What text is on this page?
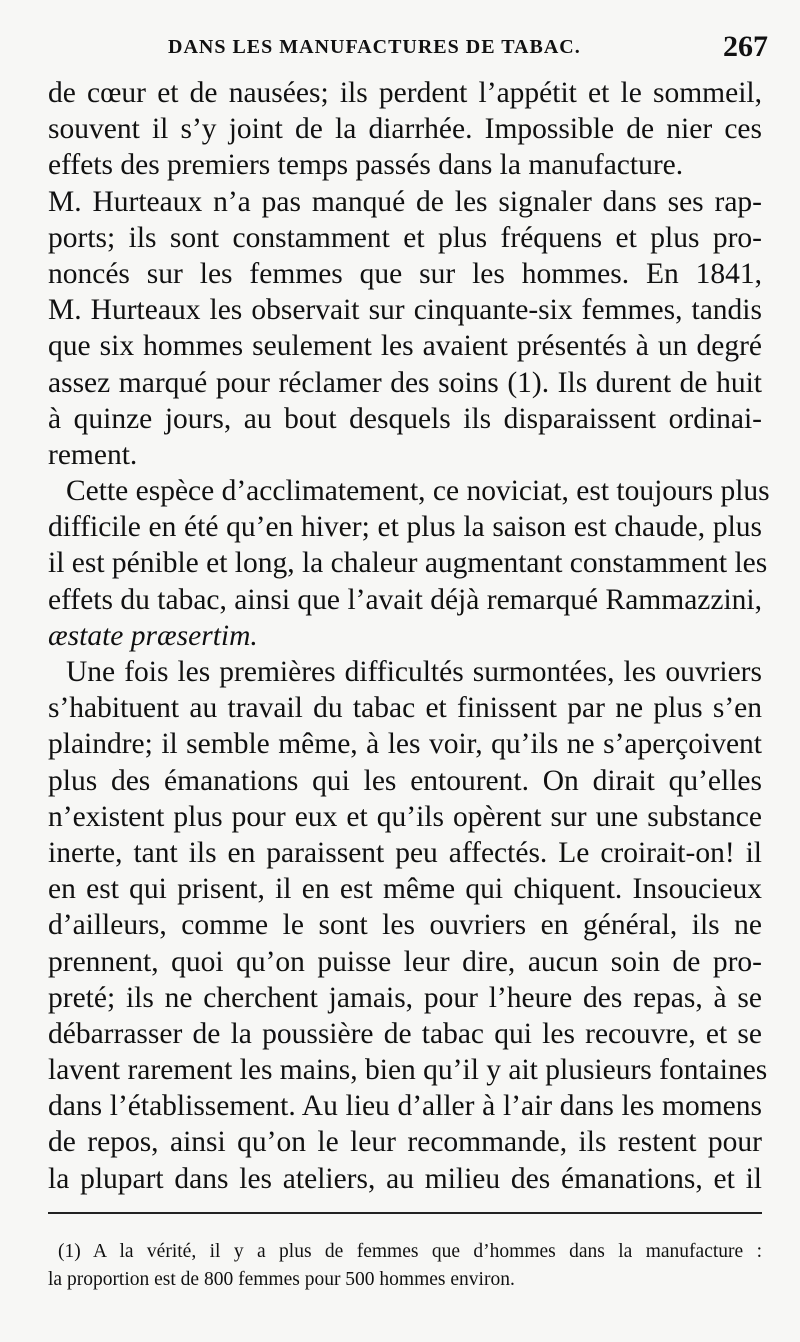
DANS LES MANUFACTURES DE TABAC.	267
de cœur et de nausées; ils perdent l’appétit et le sommeil,
souvent il s’y joint de la diarrhée. Impossible de nier ces
effets des premiers temps passés dans la manufacture.
M. Hurteaux n’a pas manqué de les signaler dans ses rap-
ports; ils sont constamment et plus fréquens et plus pro-
noncés sur les femmes que sur les hommes. En 1841,
M. Hurteaux les observait sur cinquante-six femmes, tandis
que six hommes seulement les avaient présentés à un degré
assez marqué pour réclamer des soins (1). Ils durent de huit
à quinze jours, au bout desquels ils disparaissent ordinai-
rement.
Cette espèce d’acclimatement, ce noviciat, est toujours plus
difficile en été qu’en hiver; et plus la saison est chaude, plus
il est pénible et long, la chaleur augmentant constamment les
effets du tabac, ainsi que l’avait déjà remarqué Rammazzini,
æstate præsertim.
Une fois les premières difficultés surmontées, les ouvriers
s’habituent au travail du tabac et finissent par ne plus s’en
plaindre; il semble même, à les voir, qu’ils ne s’aperçoivent
plus des émanations qui les entourent. On dirait qu’elles
n’existent plus pour eux et qu’ils opèrent sur une substance
inerte, tant ils en paraissent peu affectés. Le croirait-on! il
en est qui prisent, il en est même qui chiquent. Insoucieux
d’ailleurs, comme le sont les ouvriers en général, ils ne
prennent, quoi qu’on puisse leur dire, aucun soin de pro-
preté; ils ne cherchent jamais, pour l’heure des repas, à se
débarrasser de la poussière de tabac qui les recouvre, et se
lavent rarement les mains, bien qu’il y ait plusieurs fontaines
dans l’établissement. Au lieu d’aller à l’air dans les momens
de repos, ainsi qu’on le leur recommande, ils restent pour
la plupart dans les ateliers, au milieu des émanations, et il
(1) A la vérité, il y a plus de femmes que d’hommes dans la manufacture :
la proportion est de 800 femmes pour 500 hommes environ.
